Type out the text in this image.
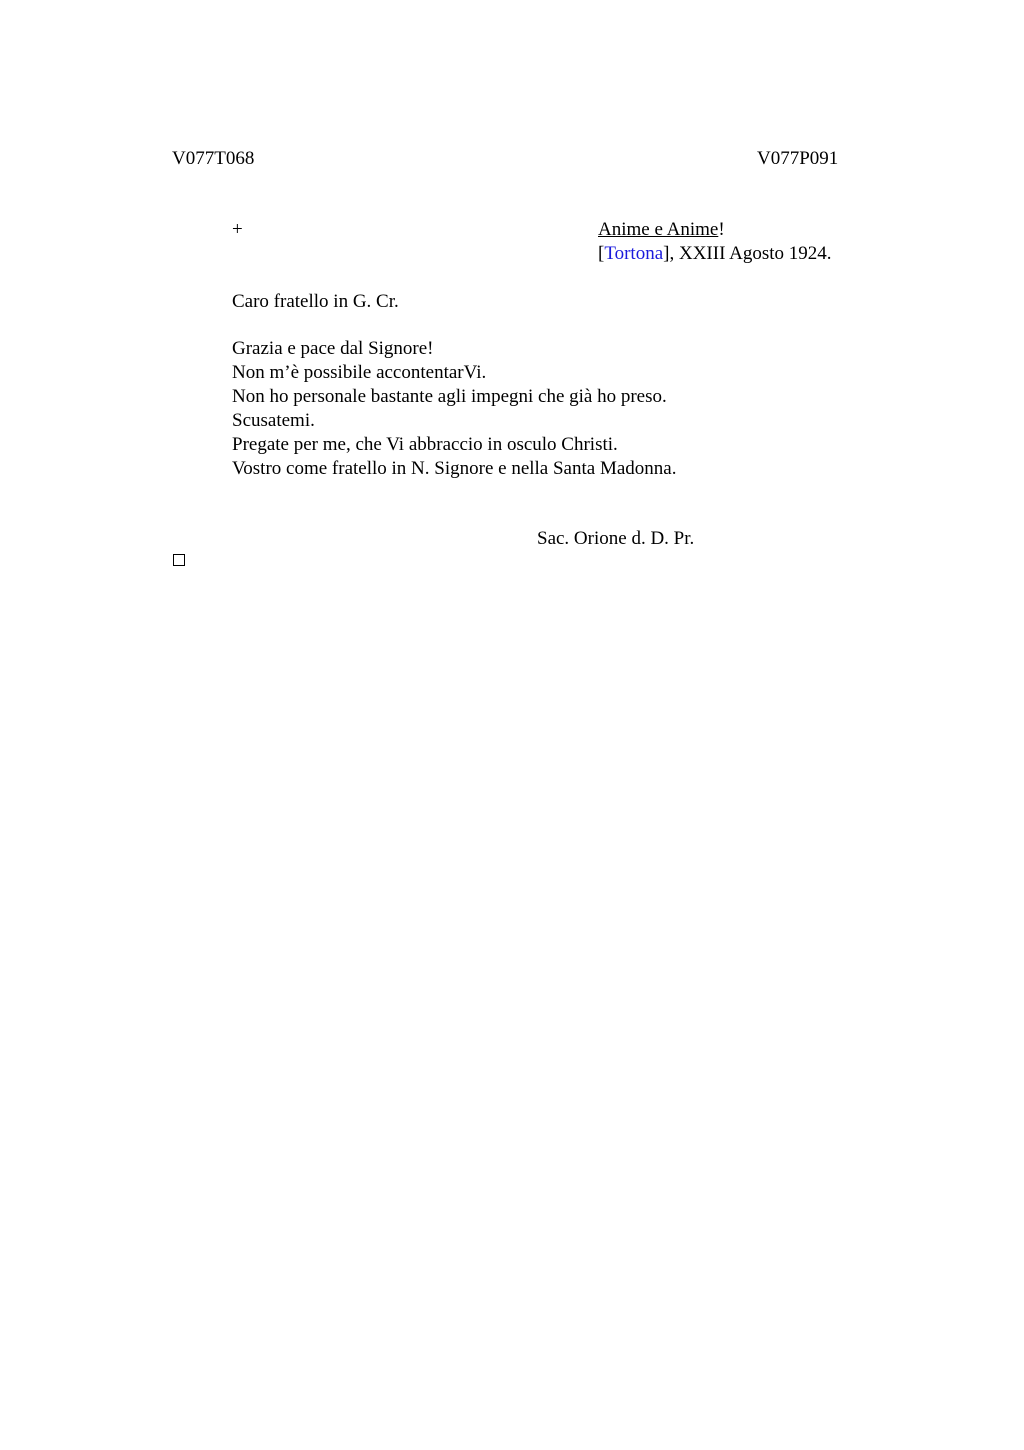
V077T068	V077P091
+	Anime e Anime!
[Tortona], XXIII Agosto 1924.
Caro fratello in G. Cr.
Grazia e pace dal Signore!
Non m’è possibile accontentarVi.
Non ho personale bastante agli impegni che già ho preso.
Scusatemi.
Pregate per me, che Vi abbraccio in osculo Christi.
Vostro come fratello in N. Signore e nella Santa Madonna.
Sac. Orione d. D. Pr.
